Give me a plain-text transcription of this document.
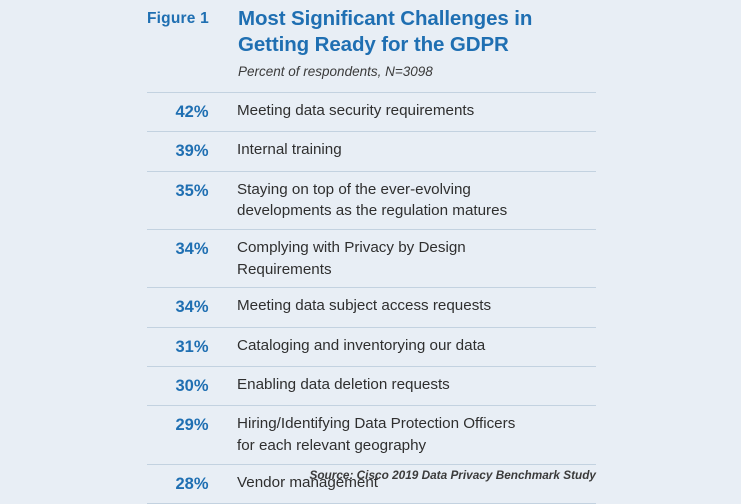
Figure 1 Most Significant Challenges in
Getting Ready for the GDPR
Percent of respondents, N=3098
42%	Meeting data security requirements
39%	Internal training
35%	Staying on top of the ever-evolving
developments as the regulation matures
34%	Complying with Privacy by Design
Requirements
34%	Meeting data subject access requests
31%	Cataloging and inventorying our data
30%	Enabling data deletion requests
29%	Hiring/Identifying Data Protection Officers
for each relevant geography
28%	Vendor management
Source: Cisco 2019 Data Privacy Benchmark Study
